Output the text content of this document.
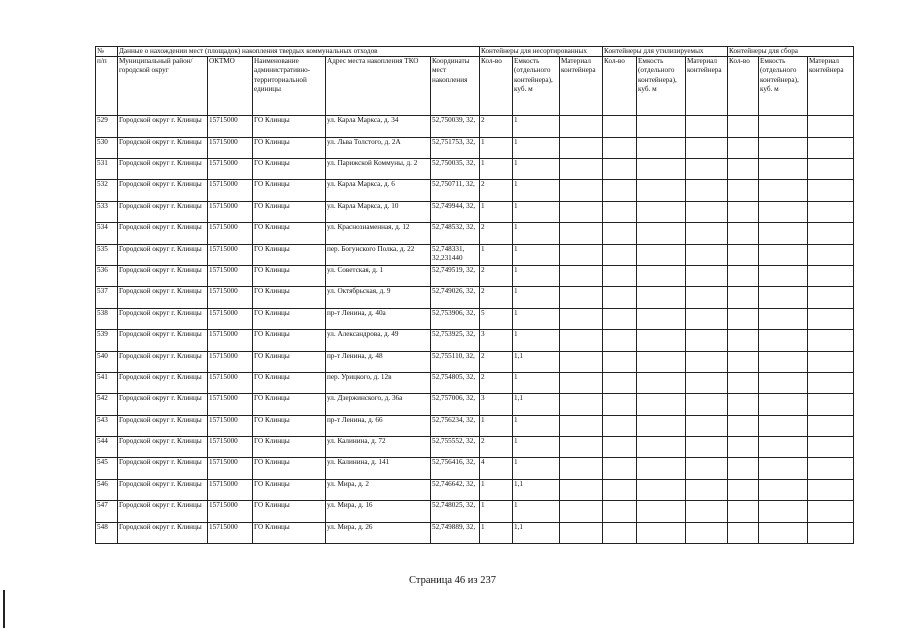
№	Данные о нахождении мест (площадок) накопления твердых коммунальных отходов					Контейнеры для несортированных			Контейнеры для утилизируемых			Контейнеры для сбора		
п/п	Муниципальный район/городской округ	ОКТМО	Наименование административно-территориальной единицы	Адрес места накопления ТКО	Координаты мест накопления	Кол-во	Емкость (отдельного контейнера), куб. м	Материал контейнера	Кол-во	Емкость (отдельного контейнера), куб. м	Материал контейнера	Кол-во	Емкость (отдельного контейнера), куб. м	Материал контейнера
529	Городской округ г. Клинцы	15715000	ГО Клинцы	ул. Карла Маркса, д. 34	52,750039, 32,	2	1							
530	Городской округ г. Клинцы	15715000	ГО Клинцы	ул. Льва Толстого, д. 2А	52,751753, 32,	1	1							
531	Городской округ г. Клинцы	15715000	ГО Клинцы	ул. Парижской Коммуны, д. 2	52,750035, 32,	1	1							
532	Городской округ г. Клинцы	15715000	ГО Клинцы	ул. Карла Маркса, д. 6	52,750711, 32,	2	1							
533	Городской округ г. Клинцы	15715000	ГО Клинцы	ул. Карла Маркса, д. 10	52,749944, 32,	1	1							
534	Городской округ г. Клинцы	15715000	ГО Клинцы	ул. Краснознаменная, д. 12	52,748532, 32,	2	1							
535	Городской округ г. Клинцы	15715000	ГО Клинцы	пер. Богунского Полка, д. 22	52,748331, 32,231440	1	1							
536	Городской округ г. Клинцы	15715000	ГО Клинцы	ул. Советская, д. 1	52,749519, 32,	2	1							
537	Городской округ г. Клинцы	15715000	ГО Клинцы	ул. Октябрьская, д. 9	52,749026, 32,	2	1							
538	Городской округ г. Клинцы	15715000	ГО Клинцы	пр-т Ленина, д. 40а	52,753906, 32,	5	1							
539	Городской округ г. Клинцы	15715000	ГО Клинцы	ул. Александрова, д. 49	52,753925, 32,	3	1							
540	Городской округ г. Клинцы	15715000	ГО Клинцы	пр-т Ленина, д. 48	52,755110, 32,	2	1,1							
541	Городской округ г. Клинцы	15715000	ГО Клинцы	пер. Урицкого, д. 12в	52,754805, 32,	2	1							
542	Городской округ г. Клинцы	15715000	ГО Клинцы	ул. Дзержинского, д. 36а	52,757006, 32,	3	1,1							
543	Городской округ г. Клинцы	15715000	ГО Клинцы	пр-т Ленина, д. 66	52,756234, 32,	1	1							
544	Городской округ г. Клинцы	15715000	ГО Клинцы	ул. Калинина, д. 72	52,755552, 32,	2	1							
545	Городской округ г. Клинцы	15715000	ГО Клинцы	ул. Калинина, д. 141	52,756416, 32,	4	1							
546	Городской округ г. Клинцы	15715000	ГО Клинцы	ул. Мира, д. 2	52,746642, 32,	1	1,1							
547	Городской округ г. Клинцы	15715000	ГО Клинцы	ул. Мира, д. 16	52,748025, 32,	1	1							
548	Городской округ г. Клинцы	15715000	ГО Клинцы	ул. Мира, д. 26	52,749889, 32,	1	1,1							
Страница 46 из 237
